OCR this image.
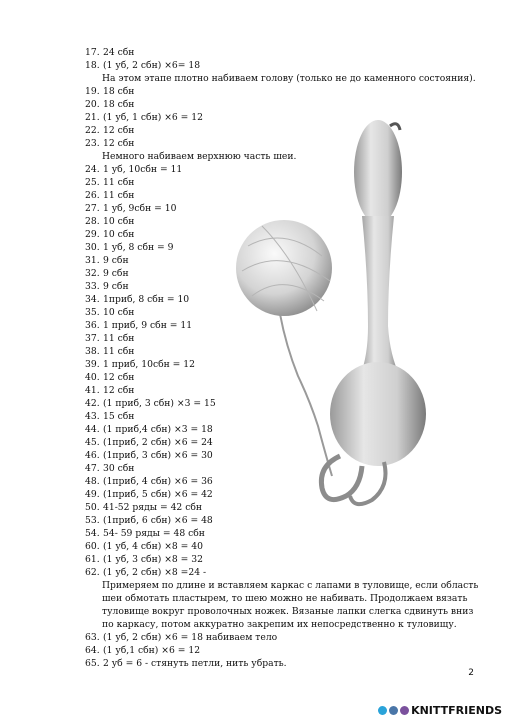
17. 24 сбн
18. (1 уб, 2 сбн) ×6= 18
На этом этапе плотно набиваем голову (только не до каменного состояния).
19. 18 сбн
20. 18 сбн
21. (1 уб, 1 сбн) ×6 = 12
22. 12 сбн
23. 12 сбн
Немного набиваем верхнюю часть шеи.
24. 1 уб, 10сбн = 11
25. 11 сбн
26. 11 сбн
27. 1 уб, 9сбн = 10
28. 10 сбн
29. 10 сбн
30. 1 уб, 8 сбн = 9
31. 9 сбн
32. 9 сбн
33. 9 сбн
34. 1приб, 8 сбн = 10
35. 10 сбн
36. 1 приб, 9 сбн = 11
37. 11 сбн
38. 11 сбн
39. 1 приб, 10сбн = 12
40. 12 сбн
41. 12 сбн
42. (1 приб, 3 сбн) ×3 = 15
43. 15 сбн
44. (1 приб,4 сбн) ×3 = 18
45. (1приб, 2 сбн) ×6 = 24
46. (1приб, 3 сбн) ×6 = 30
47. 30 сбн
48. (1приб, 4 сбн) ×6 = 36
49. (1приб, 5 сбн) ×6 = 42
50. 41-52 ряды = 42 сбн
53. (1приб, 6 сбн) ×6 = 48
54. 54- 59 ряды = 48 сбн
60. (1 уб, 4 сбн) ×8 = 40
61. (1 уб, 3 сбн) ×8 = 32
62. (1 уб, 2 сбн) ×8 =24 -
Примеряем по длине и вставляем каркас с лапами в туловище, если область шеи обмотать пластырем, то шею можно не набивать. Продолжаем вязать туловище вокруг проволочных ножек. Вязаные лапки слегка сдвинуть вниз по каркасу, потом аккуратно закрепим их непосредственно к туловищу.
63. (1 уб, 2 сбн) ×6 = 18 набиваем тело
64. (1 уб,1 сбн) ×6 = 12
65. 2 уб = 6 - стянуть петли, нить убрать.
2
KNITTFRIENDS
